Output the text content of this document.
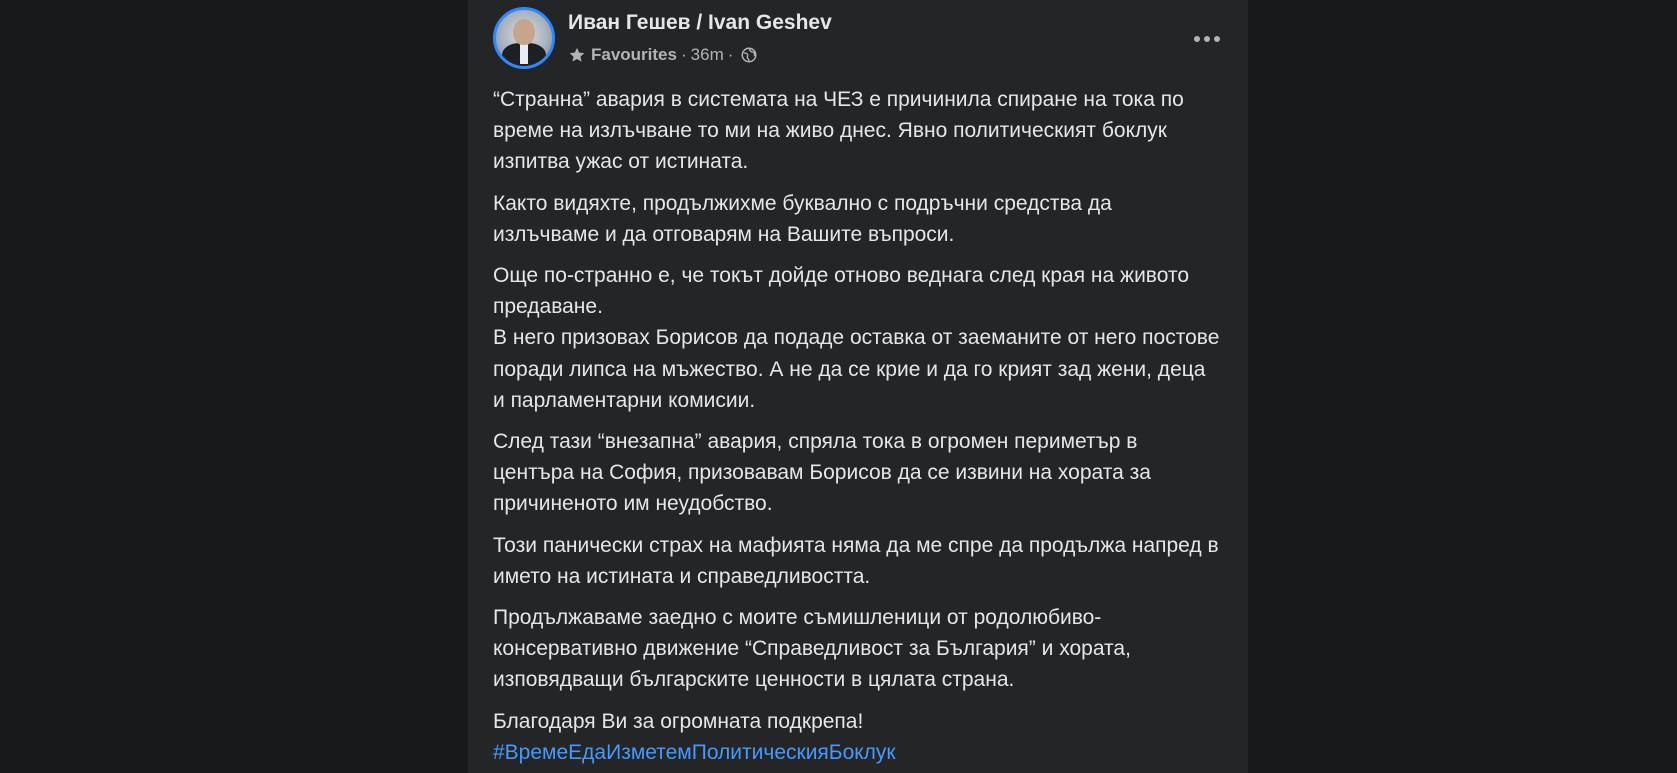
Иван Гешев / Ivan Geshev
Favourites · 36m ·

“Странна” авария в системата на ЧЕЗ е причинила спиране на тока по време на излъчване то ми на живо днес. Явно политическият боклук изпитва ужас от истината.

Както видяхте, продължихме буквално с подръчни средства да излъчваме и да отговарям на Вашите въпроси.

Още по-странно е, че токът дойде отново веднага след края на живото предаване.
В него призовах Борисов да подаде оставка от заеманите от него постове поради липса на мъжество. А не да се крие и да го крият зад жени, деца и парламентарни комисии.

След тази “внезапна” авария, спряла тока в огромен периметър в центъра на София, призовавам Борисов да се извини на хората за причиненото им неудобство.

Този панически страх на мафията няма да ме спре да продължа напред в името на истината и справедливостта.

Продължаваме заедно с моите съмишленици от родолюбиво-консервативно движение “Справедливост за България” и хората, изповядващи българските ценности в цялата страна.

Благодаря Ви за огромната подкрепа!

#ВремеЕдаИзметемПолитическияБоклук
